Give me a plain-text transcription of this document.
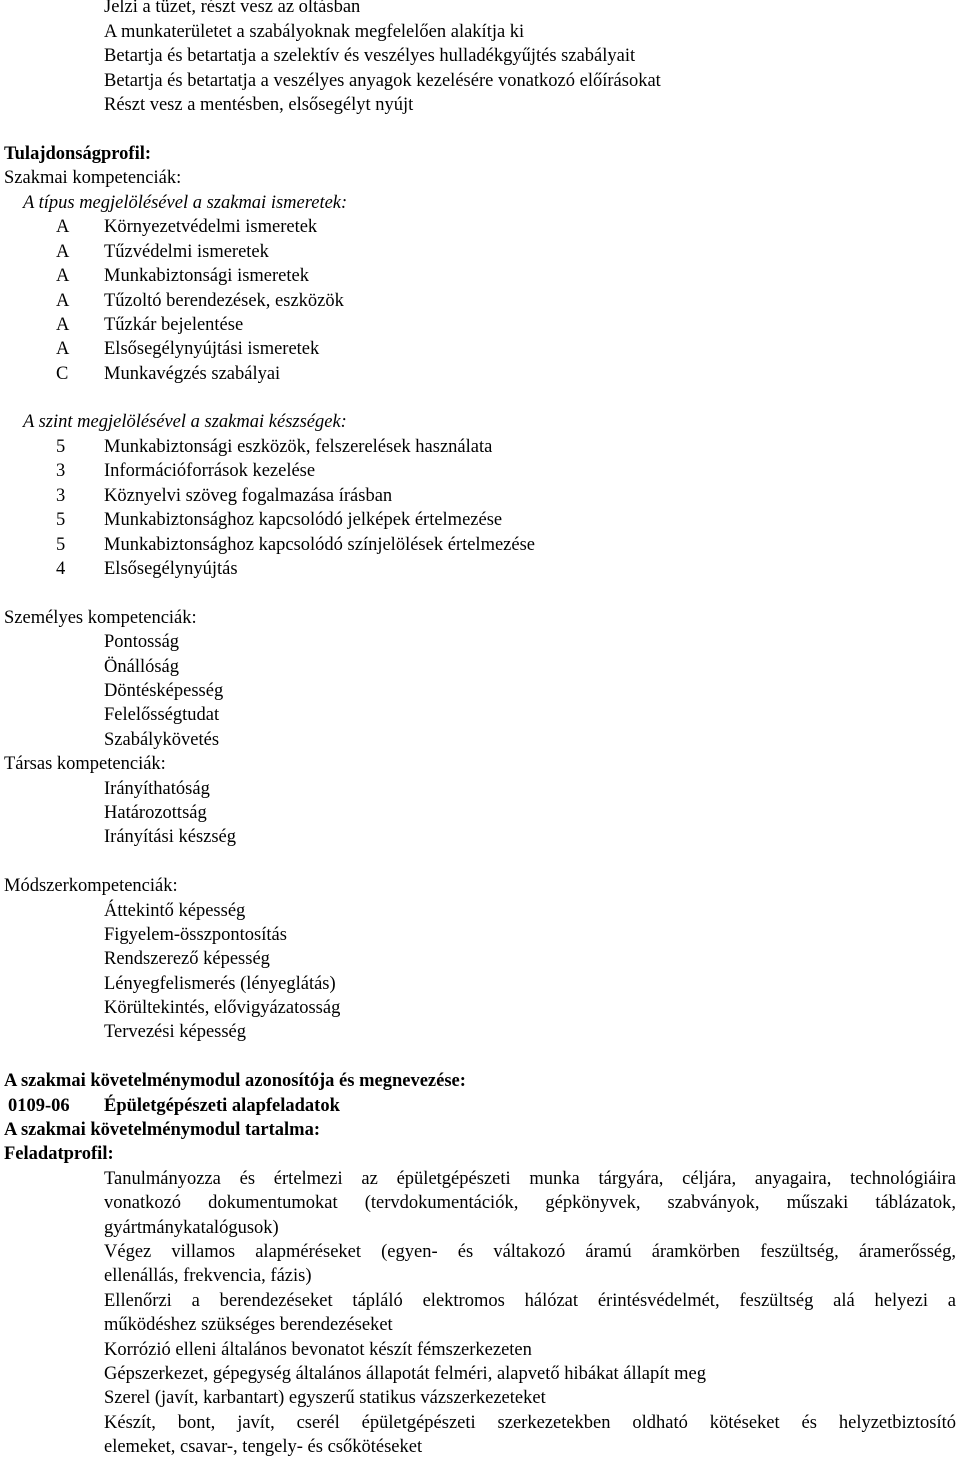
Jelzi a tüzet, részt vesz az oltásban
A munkaterületet a szabályoknak megfelelően alakítja ki
Betartja és betartatja a szelektív és veszélyes hulladékgyűjtés szabályait
Betartja és betartatja a veszélyes anyagok kezelésére vonatkozó előírásokat
Részt vesz a mentésben, elsősegélyt nyújt
Tulajdonságprofil:
Szakmai kompetenciák:
A típus megjelölésével a szakmai ismeretek:
A Környezetvédelmi ismeretek
A Tűzvédelmi ismeretek
A Munkabiztonsági ismeretek
A Tűzoltó berendezések, eszközök
A Tűzkár bejelentése
A Elsősegélynyújtási ismeretek
C Munkavégzés szabályai
A szint megjelölésével a szakmai készségek:
5 Munkabiztonsági eszközök, felszerelések használata
3 Információforrások kezelése
3 Köznyelvi szöveg fogalmazása írásban
5 Munkabiztonsághoz kapcsolódó jelképek értelmezése
5 Munkabiztonsághoz kapcsolódó színjelölések értelmezése
4 Elsősegélynyújtás
Személyes kompetenciák:
Pontosság
Önállóság
Döntésképesség
Felelősségtudat
Szabálykövetés
Társas kompetenciák:
Irányíthatóság
Határozottság
Irányítási készség
Módszerkompetenciák:
Áttekintő képesség
Figyelem-összpontosítás
Rendszerező képesség
Lényegfelismerés (lényeglátás)
Körültekintés, elővigyázatosság
Tervezési képesség
A szakmai követelménymodul azonosítója és megnevezése:
0109-06 Épületgépészeti alapfeladatok
A szakmai követelménymodul tartalma:
Feladatprofil:
Tanulmányozza és értelmezi az épületgépészeti munka tárgyára, céljára, anyagaira, technológiáira
vonatkozó dokumentumokat (tervdokumentációk, gépkönyvek, szabványok, műszaki táblázatok,
gyártmánykatalógusok)
Végez villamos alapméréseket (egyen- és váltakozó áramú áramkörben feszültség, áramerősség,
ellenállás, frekvencia, fázis)
Ellenőrzi a berendezéseket tápláló elektromos hálózat érintésvédelmét, feszültség alá helyezi a
működéshez szükséges berendezéseket
Korrózió elleni általános bevonatot készít fémszerkezeten
Gépszerkezet, gépegység általános állapotát felméri, alapvető hibákat állapít meg
Szerel (javít, karbantart) egyszerű statikus vázszerkezeteket
Készít, bont, javít, cserél épületgépészeti szerkezetekben oldható kötéseket és helyzetbiztosító
elemeket, csavar-, tengely- és csőkötéseket
